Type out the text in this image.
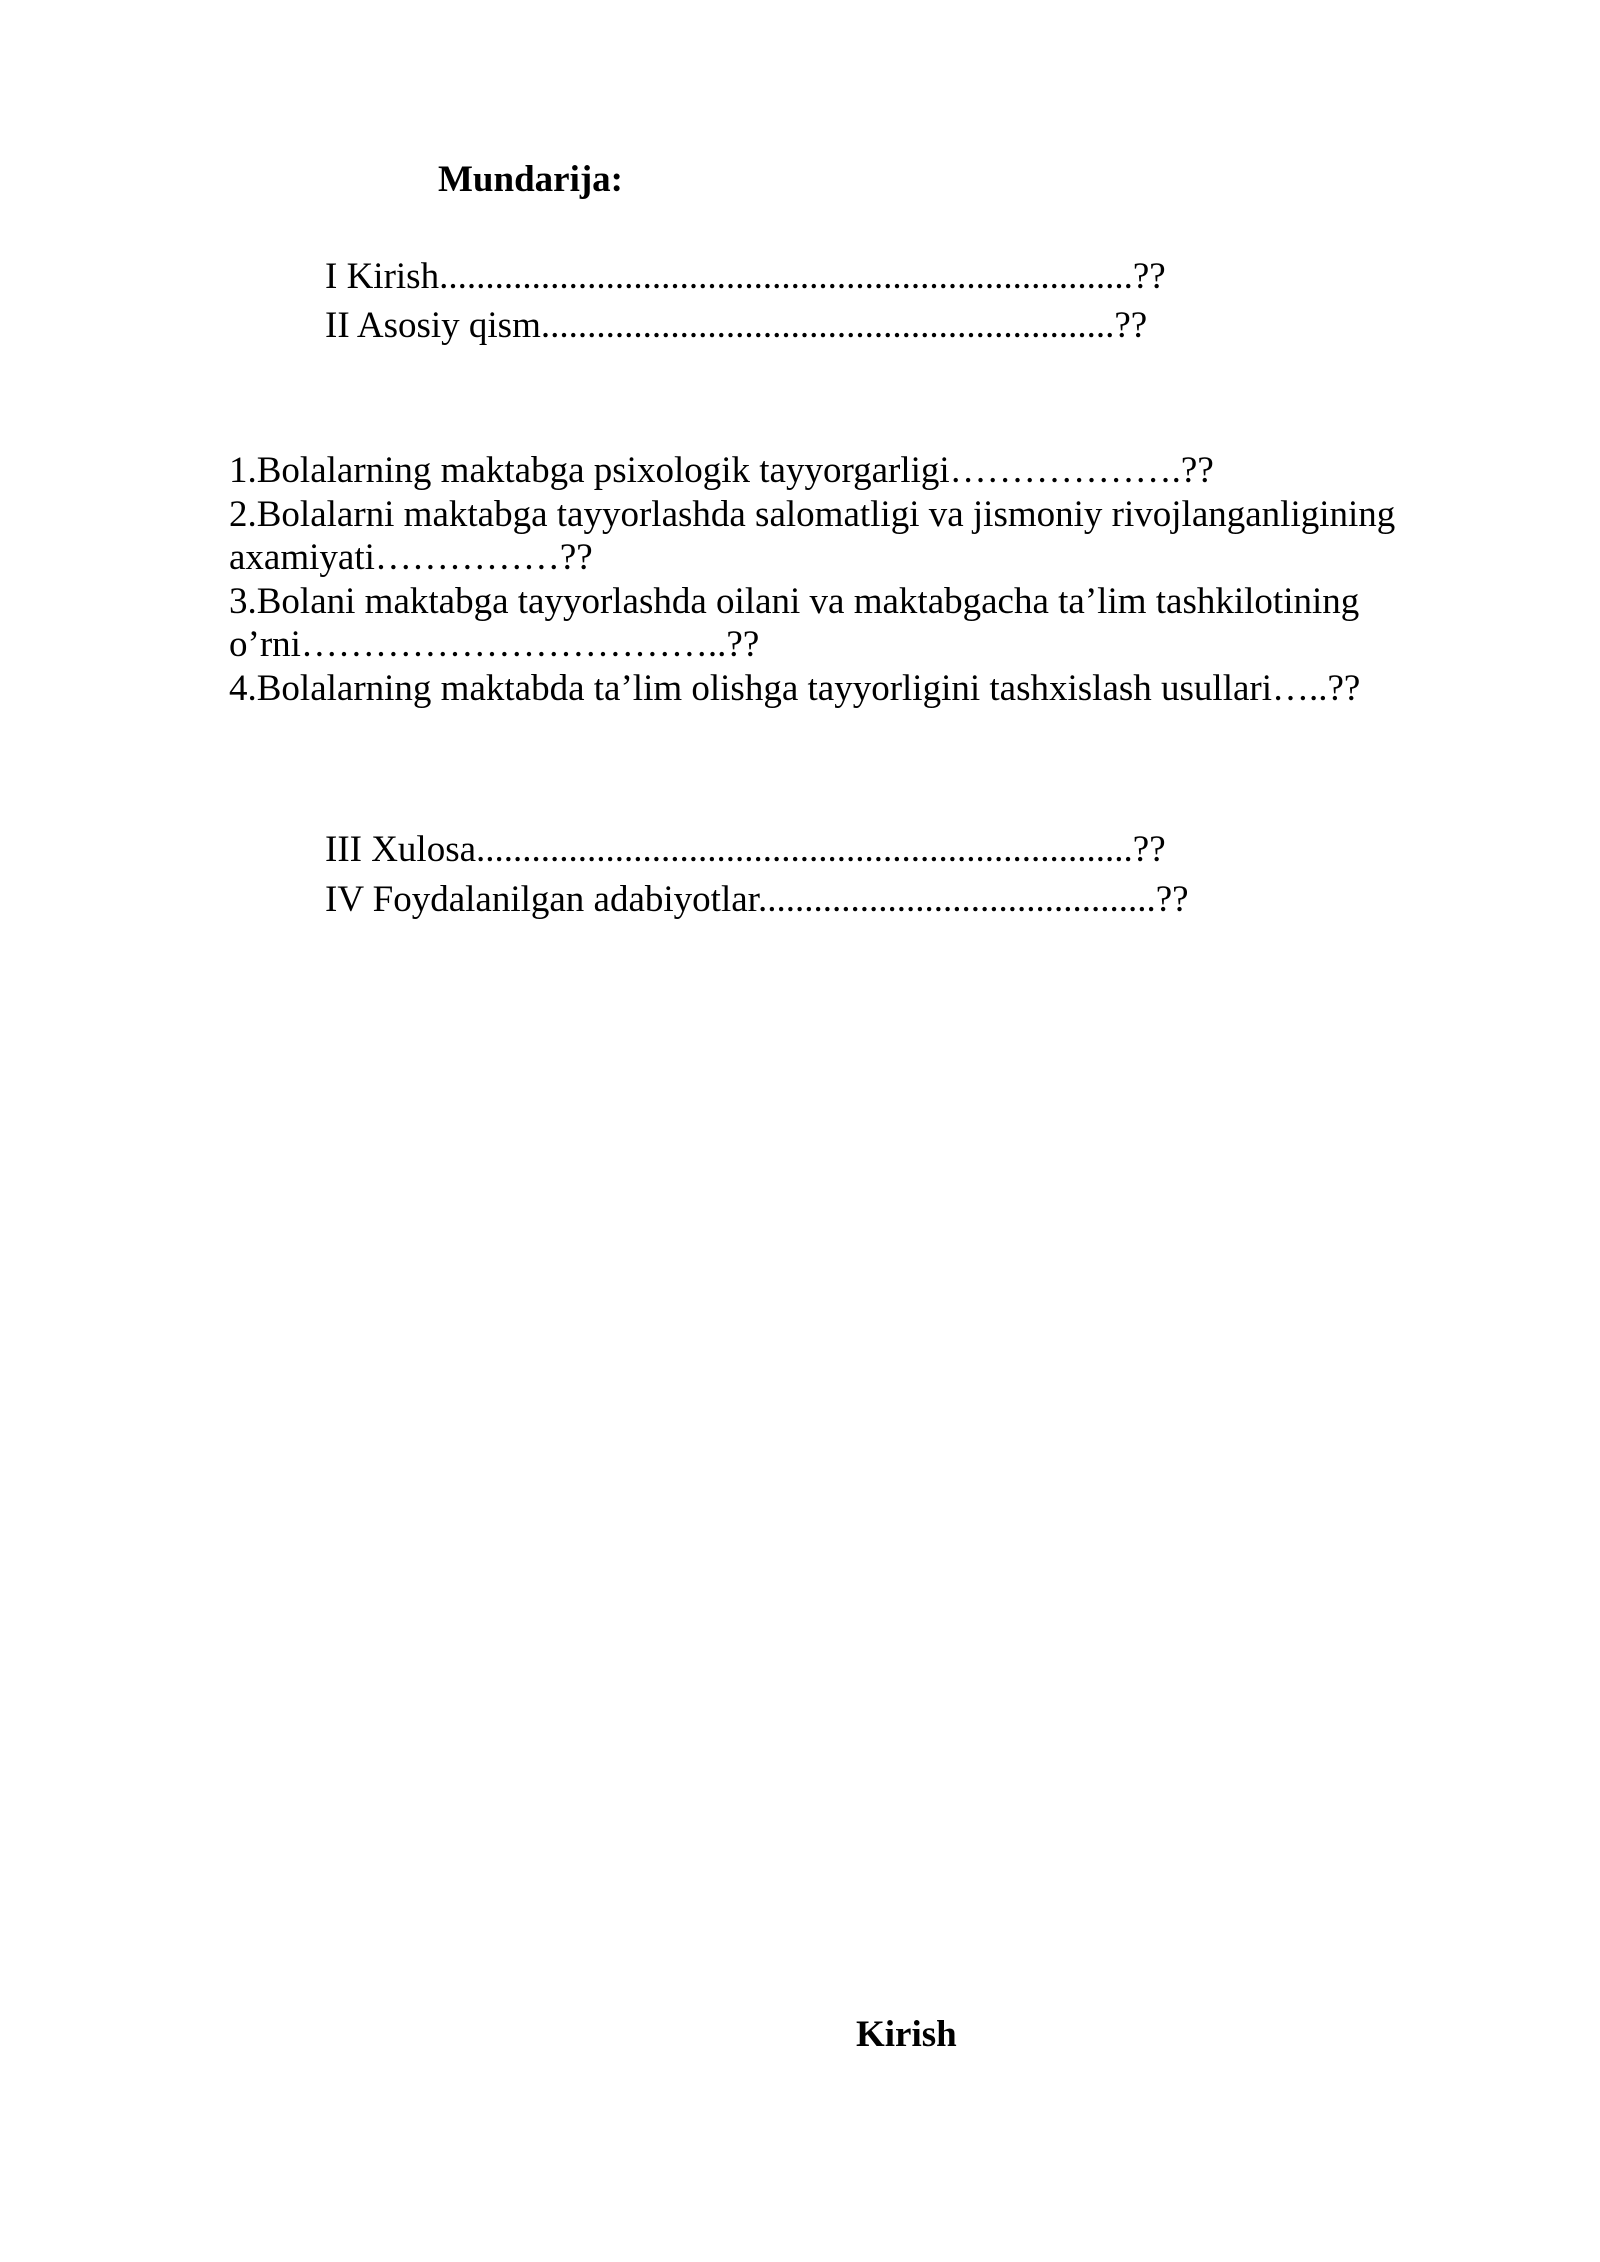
Mundarija:
I Kirish...........................................................................??
II Asosiy qism..............................................................??

1.Bolalarning maktabga psixologik tayyorgarligi……………….??

2.Bolalarni maktabga tayyorlashda salomatligi va jismoniy rivojlanganligining

axamiyati……………??

3.Bolani maktabga tayyorlashda oilani va maktabgacha ta’lim tashkilotining

o’rni……………………………..??

4.Bolalarning maktabda ta’lim olishga tayyorligini tashxislash usullari…..??

III Xulosa.......................................................................??
IV Foydalanilgan adabiyotlar...........................................??
Kirish
